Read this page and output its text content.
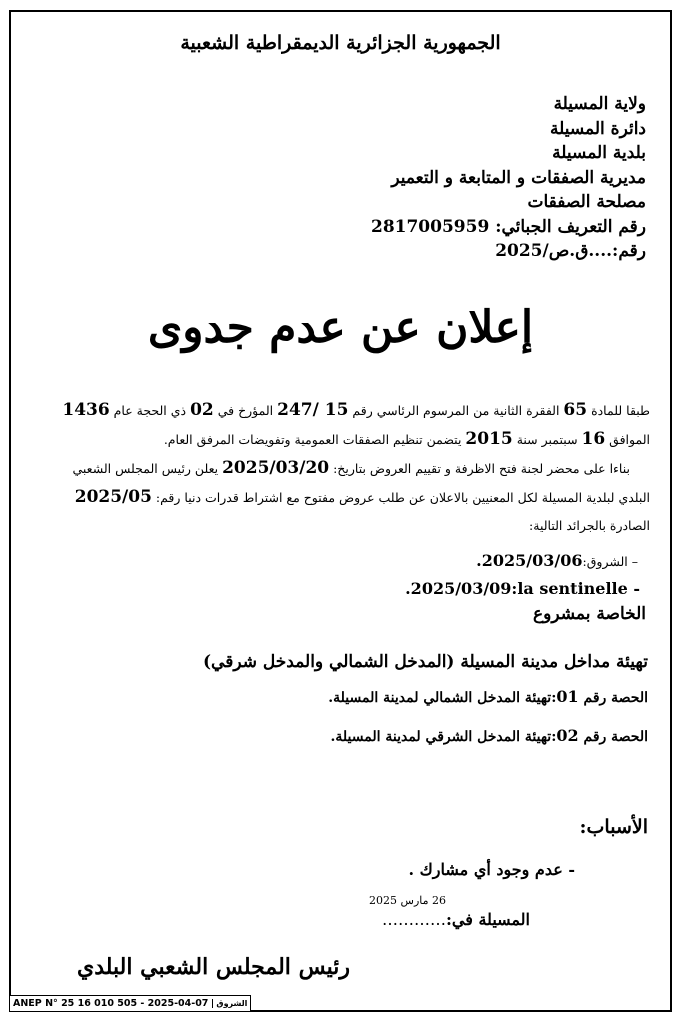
الجمهورية الجزائرية الديمقراطية الشعبية
ولاية المسيلة
دائرة المسيلة
بلدية المسيلة
مديرية الصفقات و المتابعة و التعمير
مصلحة الصفقات
رقم التعريف الجبائي: 2817005959
رقم:....ق.ص/2025
إعلان عن عدم جدوى
طبقا للمادة 65 الفقرة الثانية من المرسوم الرئاسي رقم 15 /247 المؤرخ في 02 ذي الحجة عام 1436
الموافق 16 سبتمبر سنة 2015 يتضمن تنظيم الصفقات العمومية وتفويضات المرفق العام.
بناءا على محضر لجنة فتح الاظرفة و تقييم العروض بتاريخ: 2025/03/20 يعلن رئيس المجلس الشعبي
البلدي لبلدية المسيلة لكل المعنيين بالاعلان عن طلب عروض مفتوح مع اشتراط قدرات دنيا رقم: 2025/05
الصادرة بالجرائد التالية:
– الشروق:2025/03/06.
.2025/03/09:la sentinelle -
الخاصة بمشروع
تهيئة مداخل مدينة المسيلة (المدخل الشمالي والمدخل شرقي)
الحصة رقم 01:تهيئة المدخل الشمالي لمدينة المسيلة.
الحصة رقم 02:تهيئة المدخل الشرقي لمدينة المسيلة.
الأسباب:
- عدم وجود أي مشارك .
26 مارس 2025
المسيلة في:…………
رئيس المجلس الشعبي البلدي
ANEP N° 25 16 010 505 - 2025-04-07	الشروق
